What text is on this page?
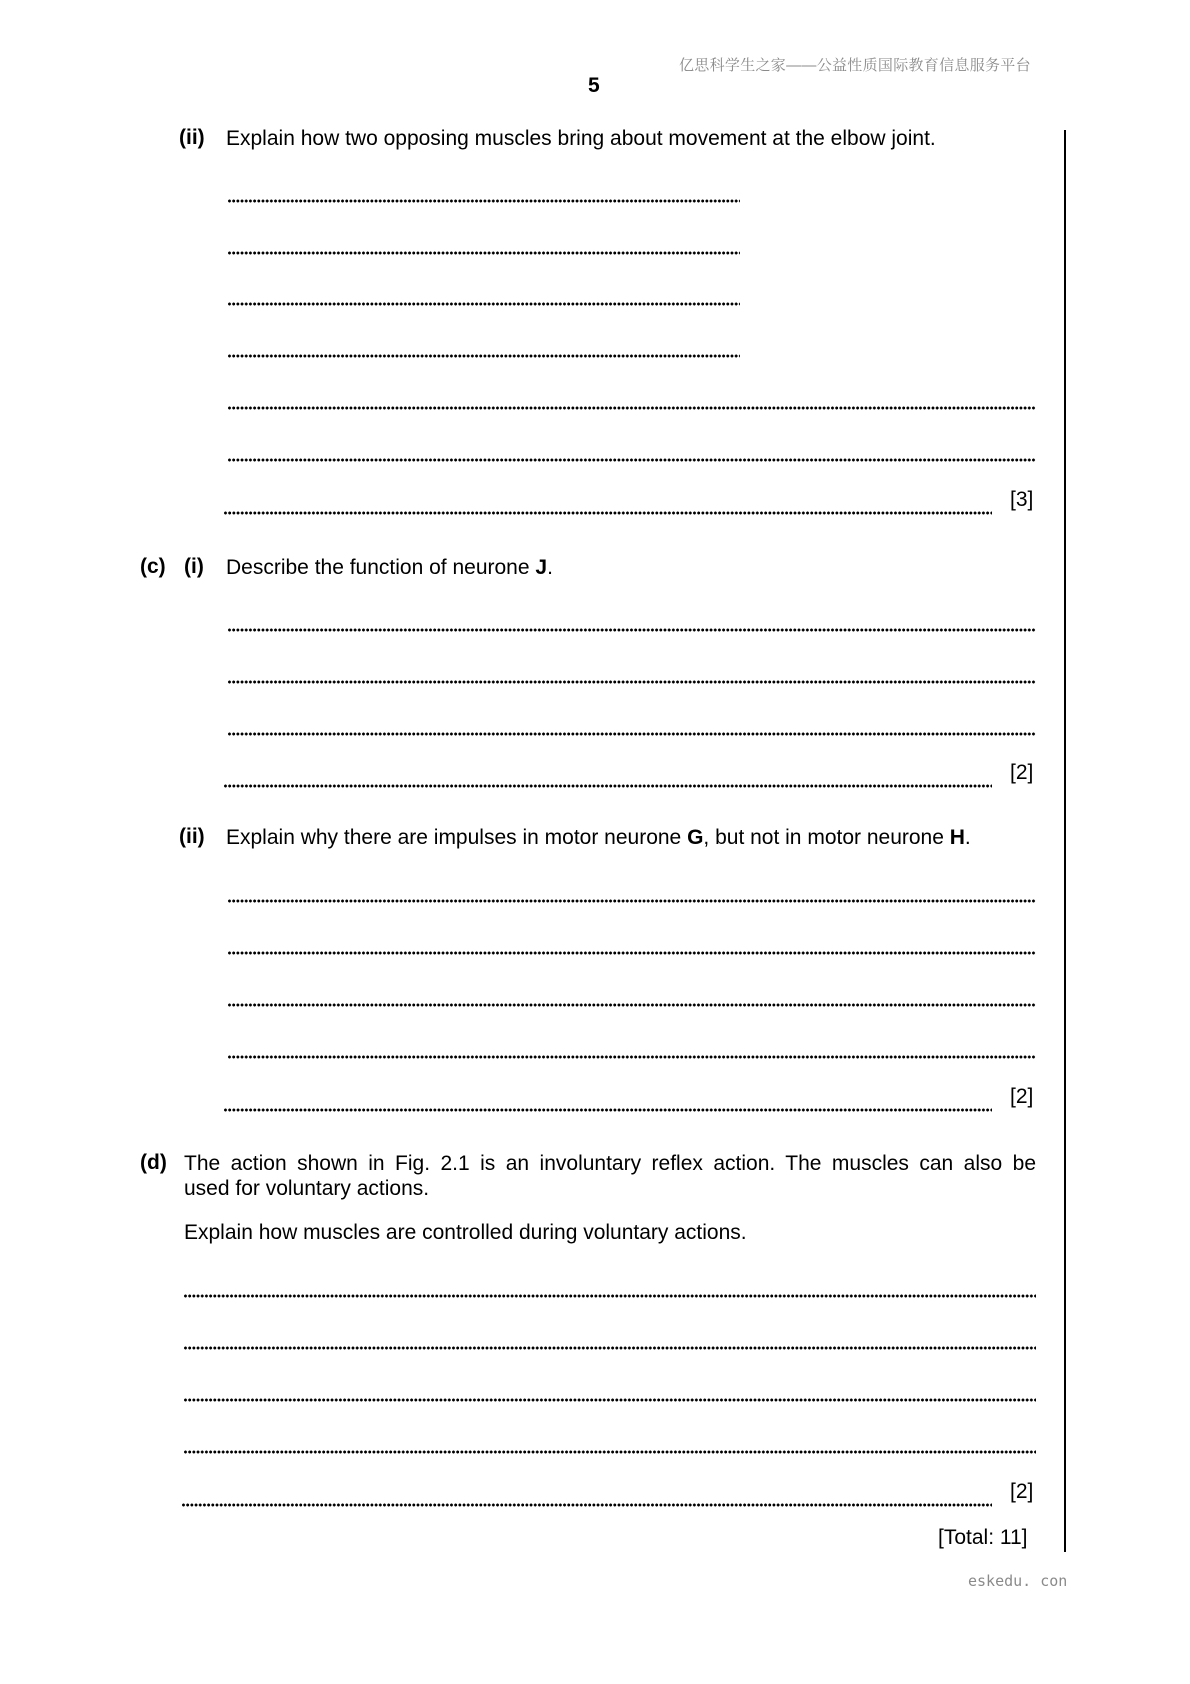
亿思科学生之家——公益性质国际教育信息服务平台
5
(ii) Explain how two opposing muscles bring about movement at the elbow joint.
[3]
(c) (i) Describe the function of neurone J.
[2]
(ii) Explain why there are impulses in motor neurone G, but not in motor neurone H.
[2]
(d) The action shown in Fig. 2.1 is an involuntary reflex action. The muscles can also be
used for voluntary actions.
Explain how muscles are controlled during voluntary actions.
[2]
[Total: 11]
eskedu. con
